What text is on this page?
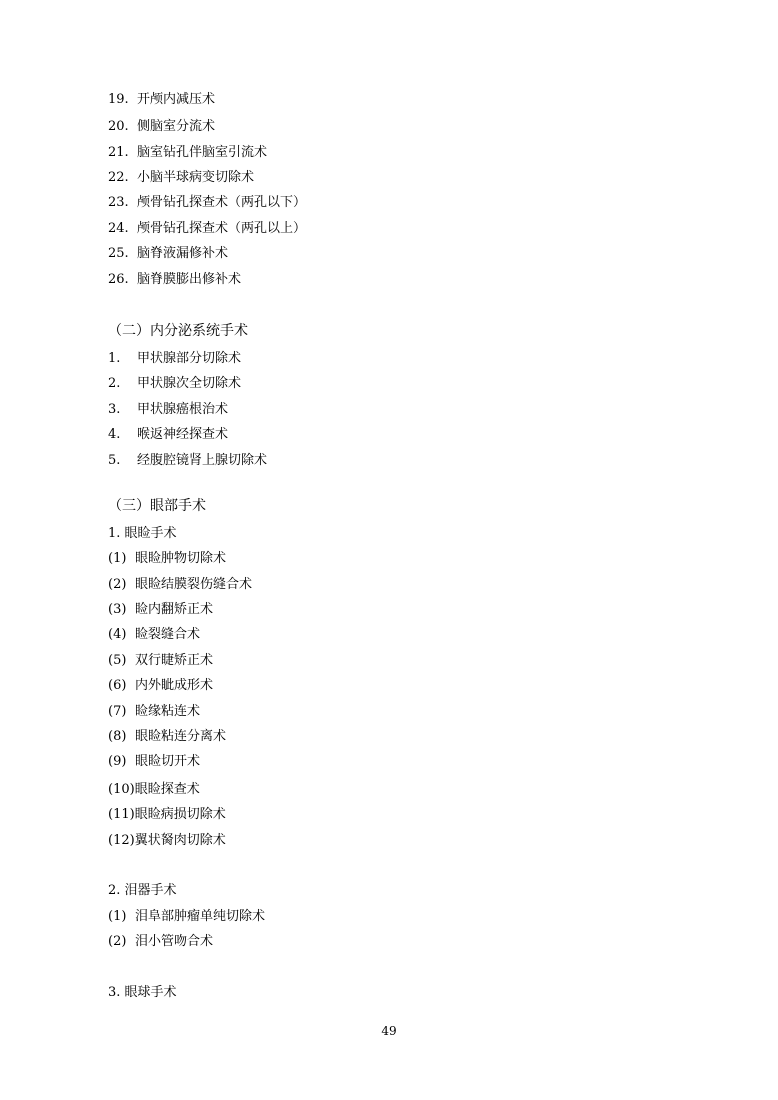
19. 开颅内减压术
20. 侧脑室分流术
21. 脑室钻孔伴脑室引流术
22. 小脑半球病变切除术
23. 颅骨钻孔探查术（两孔以下）
24. 颅骨钻孔探查术（两孔以上）
25. 脑脊液漏修补术
26. 脑脊膜膨出修补术
（二）内分泌系统手术
1. 甲状腺部分切除术
2. 甲状腺次全切除术
3. 甲状腺癌根治术
4. 喉返神经探查术
5. 经腹腔镜肾上腺切除术
（三）眼部手术
1. 眼睑手术
(1) 眼睑肿物切除术
(2) 眼睑结膜裂伤缝合术
(3) 睑内翻矫正术
(4) 睑裂缝合术
(5) 双行睫矫正术
(6) 内外眦成形术
(7) 睑缘粘连术
(8) 眼睑粘连分离术
(9) 眼睑切开术
(10)眼睑探查术
(11)眼睑病损切除术
(12)翼状胬肉切除术
2. 泪器手术
(1) 泪阜部肿瘤单纯切除术
(2) 泪小管吻合术
3. 眼球手术
49
